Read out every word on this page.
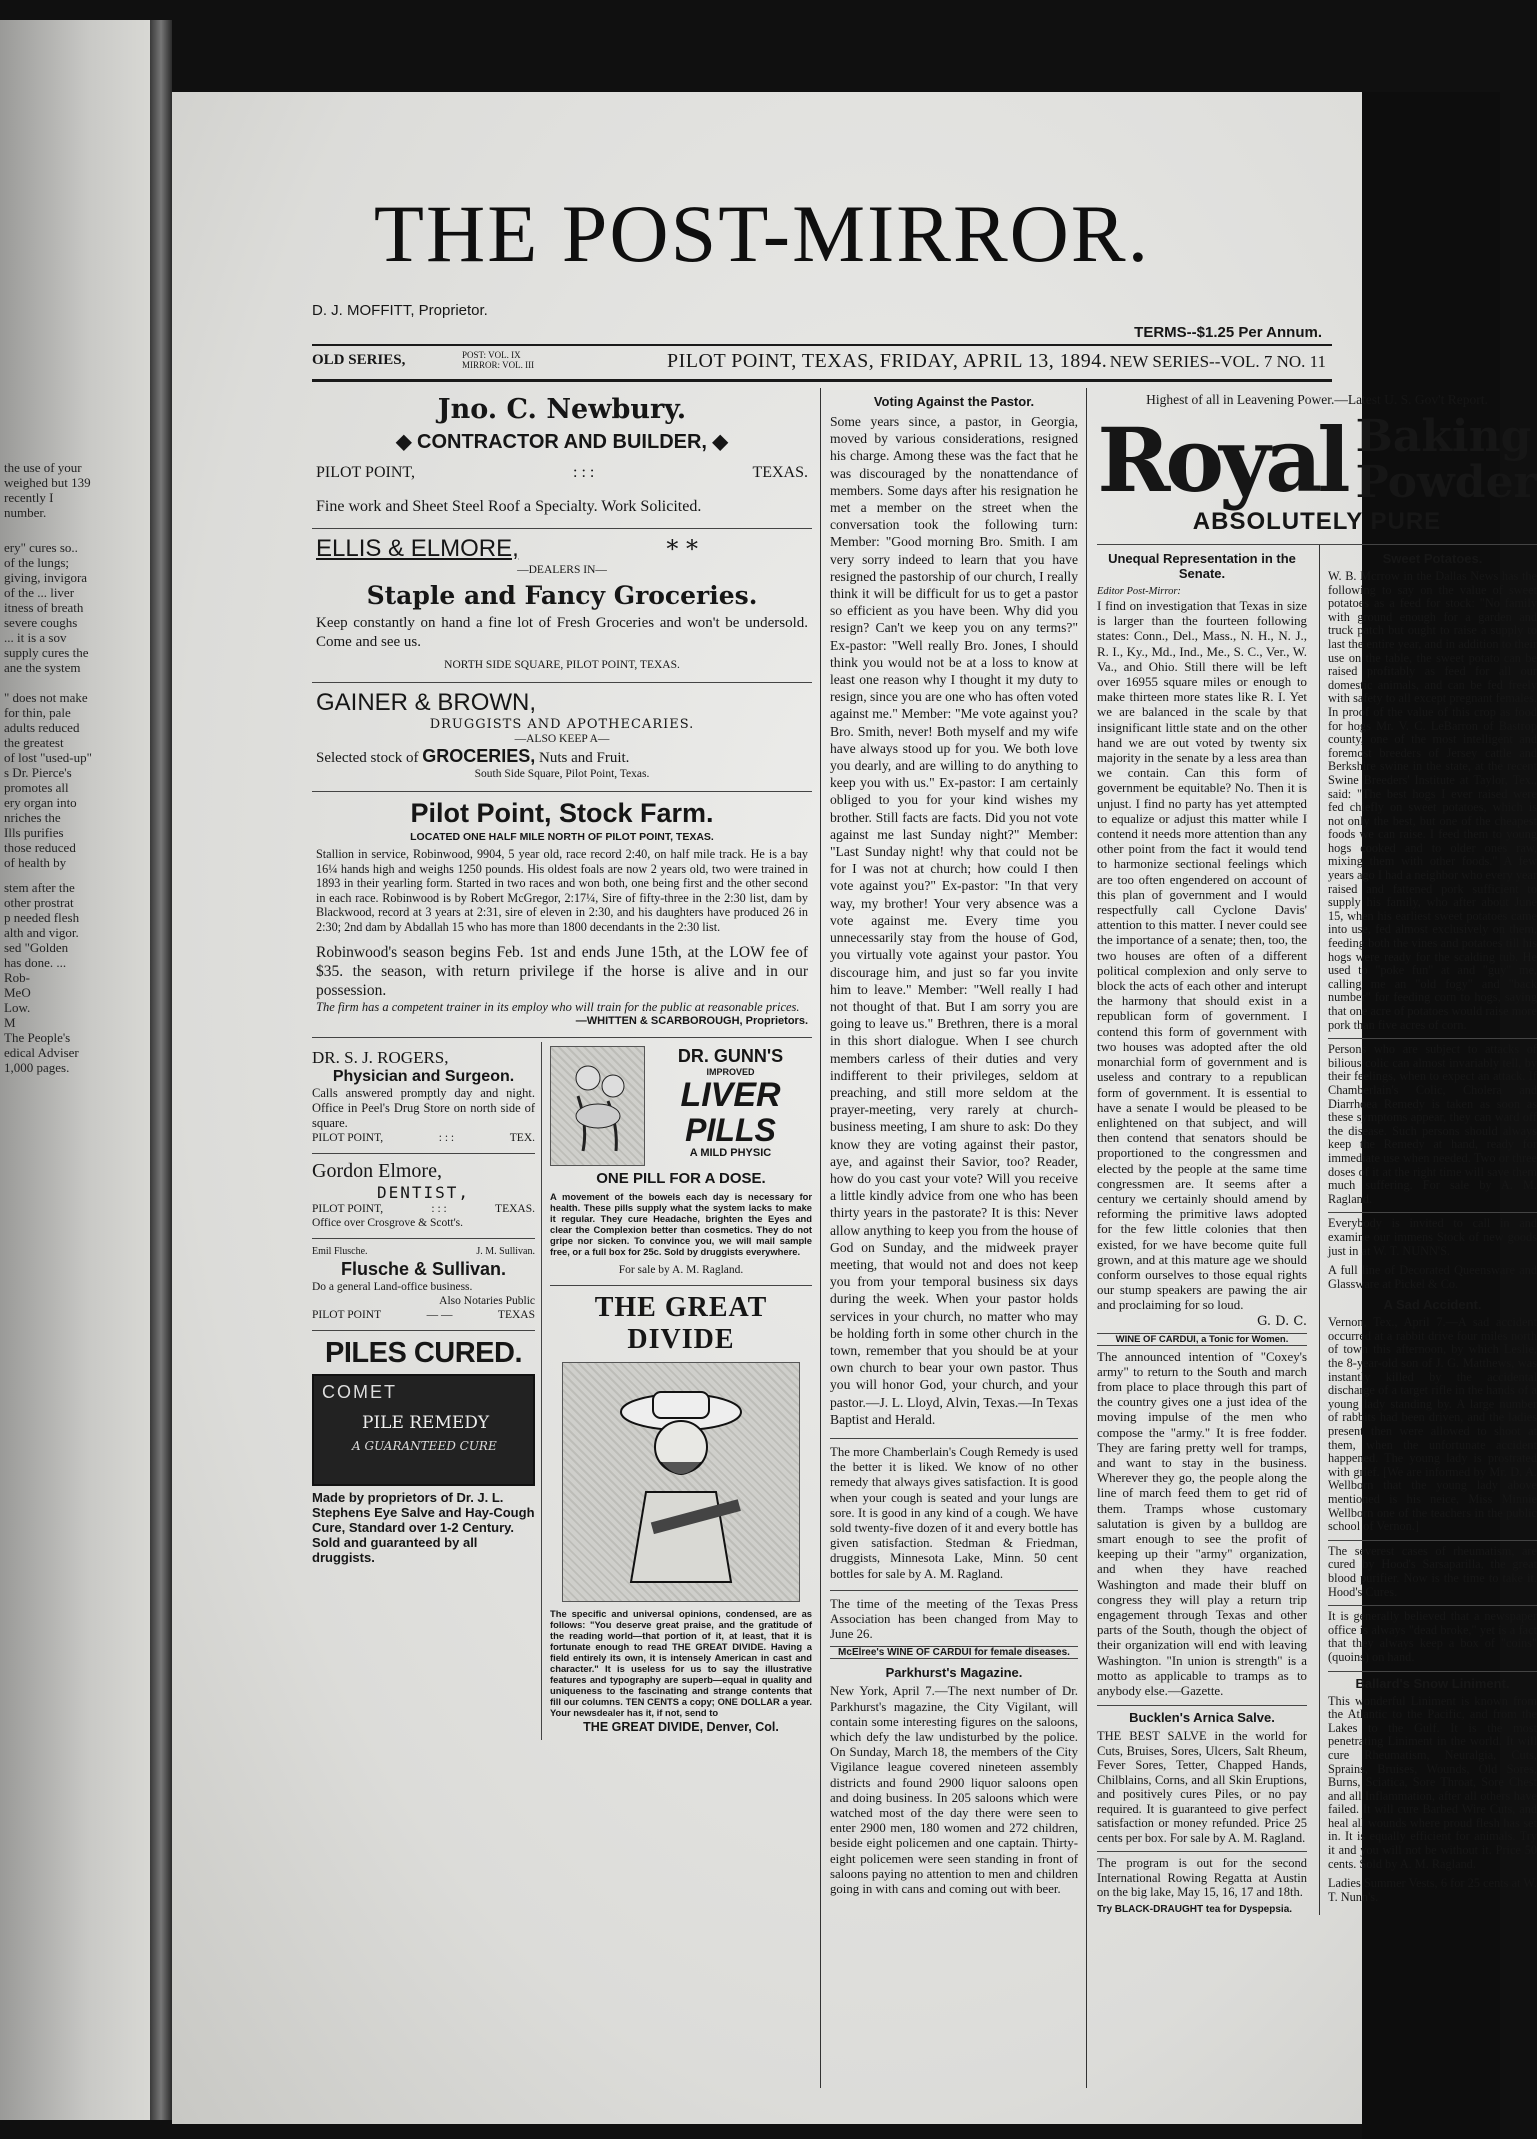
the use of your
weighed but 139
recently I
number.
ery" cures so..
of the lungs;
giving, invigora
of the ... liver
itness of breath
severe coughs
... it is a sov
supply cures the
ane the system
" does not make
for thin, pale
adults reduced
the greatest
of lost "used-up"
s Dr. Pierce's
promotes all
ery organ into
nriches the
Ills purifies
those reduced
of health by
stem after the
other prostrat
p needed flesh
alth and vigor.
sed "Golden
has done. ...
Rob-
MeO
Low.
M
The People's
edical Adviser
1,000 pages.
THE POST-MIRROR.
D. J. MOFFITT, Proprietor.
TERMS--$1.25 Per Annum.
OLD SERIES,	POST: VOL. IX
MIRROR: VOL. III	PILOT POINT, TEXAS, FRIDAY, APRIL 13, 1894. NEW SERIES--VOL. 7 NO. 11
Jno. C. Newbury.
◆ CONTRACTOR AND BUILDER, ◆
PILOT POINT,	: : :	TEXAS.
Fine work and Sheet Steel Roof a Specialty. Work Solicited.
ELLIS & ELMORE,	* *
—DEALERS IN—
Staple and Fancy Groceries.
Keep constantly on hand a fine lot of Fresh Groceries and won't be undersold. Come and see us.
NORTH SIDE SQUARE, PILOT POINT, TEXAS.
GAINER & BROWN,
DRUGGISTS AND APOTHECARIES.
—ALSO KEEP A—
Selected stock of GROCERIES, Nuts and Fruit.
South Side Square, Pilot Point, Texas.
Pilot Point, Stock Farm.
LOCATED ONE HALF MILE NORTH OF PILOT POINT, TEXAS.
Stallion in service, Robinwood, 9904, 5 year old, race record 2:40, on half mile track. He is a bay 16¼ hands high and weighs 1250 pounds. His oldest foals are now 2 years old, two were trained in 1893 in their yearling form. Started in two races and won both, one being first and the other second in each race. Robinwood is by Robert McGregor, 2:17¼, Sire of fifty-three in the 2:30 list, dam by Blackwood, record at 3 years at 2:31, sire of eleven in 2:30, and his daughters have produced 26 in 2:30; 2nd dam by Abdallah 15 who has more than 1800 decendants in the 2:30 list.
Robinwood's season begins Feb. 1st and ends June 15th, at the LOW fee of $35. the season, with return privilege if the horse is alive and in our possession.
The firm has a competent trainer in its employ who will train for the public at reasonable prices.
—WHITTEN & SCARBOROUGH, Proprietors.
DR. S. J. ROGERS,
Physician and Surgeon.
Calls answered promptly day and night. Office in Peel's Drug Store on north side of square.
PILOT POINT,	: : :	TEX.
Gordon Elmore,
DENTIST,
PILOT POINT,	: : :	TEXAS.
Office over Crosgrove & Scott's.
Emil Flusche.	J. M. Sullivan.
Flusche & Sullivan.
Do a general Land-office business.
Also Notaries Public
PILOT POINT	— —	TEXAS
PILES CURED.
COMET
PILE REMEDY
A GUARANTEED CURE
Made by proprietors of Dr. J. L. Stephens Eye Salve and Hay-Cough Cure, Standard over 1-2 Century. Sold and guaranteed by all druggists.
DR. GUNN'S
IMPROVED
LIVER
PILLS
A MILD PHYSIC
ONE PILL FOR A DOSE.
A movement of the bowels each day is necessary for health. These pills supply what the system lacks to make it regular. They cure Headache, brighten the Eyes and clear the Complexion better than cosmetics. They do not gripe nor sicken. To convince you, we will mail sample free, or a full box for 25c. Sold by druggists everywhere.
For sale by A. M. Ragland.
THE GREAT DIVIDE
The specific and universal opinions, condensed, are as follows: "You deserve great praise, and the gratitude of the reading world—that portion of it, at least, that it is fortunate enough to read THE GREAT DIVIDE. Having a field entirely its own, it is intensely American in cast and character." It is useless for us to say the illustrative features and typography are superb—equal in quality and uniqueness to the fascinating and strange contents that fill our columns. TEN CENTS a copy; ONE DOLLAR a year. Your newsdealer has it, if not, send to
THE GREAT DIVIDE, Denver, Col.
Voting Against the Pastor.
Some years since, a pastor, in Georgia, moved by various considerations, resigned his charge. Among these was the fact that he was discouraged by the nonattendance of members. Some days after his resignation he met a member on the street when the conversation took the following turn: Member: "Good morning Bro. Smith. I am very sorry indeed to learn that you have resigned the pastorship of our church, I really think it will be difficult for us to get a pastor so efficient as you have been. Why did you resign? Can't we keep you on any terms?" Ex-pastor: "Well really Bro. Jones, I should think you would not be at a loss to know at least one reason why I thought it my duty to resign, since you are one who has often voted against me." Member: "Me vote against you? Bro. Smith, never! Both myself and my wife have always stood up for you. We both love you dearly, and are willing to do anything to keep you with us." Ex-pastor: I am certainly obliged to you for your kind wishes my brother. Still facts are facts. Did you not vote against me last Sunday night?" Member: "Last Sunday night! why that could not be for I was not at church; how could I then vote against you?" Ex-pastor: "In that very way, my brother! Your very absence was a vote against me. Every time you unnecessarily stay from the house of God, you virtually vote against your pastor. You discourage him, and just so far you invite him to leave." Member: "Well really I had not thought of that. But I am sorry you are going to leave us." Brethren, there is a moral in this short dialogue. When I see church members carless of their duties and very indifferent to their privileges, seldom at preaching, and still more seldom at the prayer-meeting, very rarely at church-business meeting, I am shure to ask: Do they know they are voting against their pastor, aye, and against their Savior, too? Reader, how do you cast your vote? Will you receive a little kindly advice from one who has been thirty years in the pastorate? It is this: Never allow anything to keep you from the house of God on Sunday, and the midweek prayer meeting, that would not and does not keep you from your temporal business six days during the week. When your pastor holds services in your church, no matter who may be holding forth in some other church in the town, remember that you should be at your own church to bear your own pastor. Thus you will honor God, your church, and your pastor.—J. L. Lloyd, Alvin, Texas.—In Texas Baptist and Herald.
The more Chamberlain's Cough Remedy is used the better it is liked. We know of no other remedy that always gives satisfaction. It is good when your cough is seated and your lungs are sore. It is good in any kind of a cough. We have sold twenty-five dozen of it and every bottle has given satisfaction. Stedman & Friedman, druggists, Minnesota Lake, Minn. 50 cent bottles for sale by A. M. Ragland.
The time of the meeting of the Texas Press Association has been changed from May to June 26.
McElree's WINE OF CARDUI for female diseases.
Parkhurst's Magazine.
New York, April 7.—The next number of Dr. Parkhurst's magazine, the City Vigilant, will contain some interesting figures on the saloons, which defy the law undisturbed by the police. On Sunday, March 18, the members of the City Vigilance league covered nineteen assembly districts and found 2900 liquor saloons open and doing business. In 205 saloons which were watched most of the day there were seen to enter 2900 men, 180 women and 272 children, beside eight policemen and one captain. Thirty-eight policemen were seen standing in front of saloons paying no attention to men and children going in with cans and coming out with beer.
Highest of all in Leavening Power.—Latest U. S. Gov't Report.
Royal Baking
Powder
ABSOLUTELY PURE
Unequal Representation in the Senate.
Editor Post-Mirror:
I find on investigation that Texas in size is larger than the fourteen following states: Conn., Del., Mass., N. H., N. J., R. I., Ky., Md., Ind., Me., S. C., Ver., W. Va., and Ohio. Still there will be left over 16955 square miles or enough to make thirteen more states like R. I. Yet we are balanced in the scale by that insignificant little state and on the other hand we are out voted by twenty six majority in the senate by a less area than we contain. Can this form of government be equitable? No. Then it is unjust. I find no party has yet attempted to equalize or adjust this matter while I contend it needs more attention than any other point from the fact it would tend to harmonize sectional feelings which are too often engendered on account of this plan of government and I would respectfully call Cyclone Davis' attention to this matter. I never could see the importance of a senate; then, too, the two houses are often of a different political complexion and only serve to block the acts of each other and interupt the harmony that should exist in a republican form of government. I contend this form of government with two houses was adopted after the old monarchial form of government and is useless and contrary to a republican form of government. It is essential to have a senate I would be pleased to be enlightened on that subject, and will then contend that senators should be proportioned to the congressmen and elected by the people at the same time congressmen are. It seems after a century we certainly should amend by reforming the primitive laws adopted for the few little colonies that then existed, for we have become quite full grown, and at this mature age we should conform ourselves to those equal rights our stump speakers are pawing the air and proclaiming for so loud.
G. D. C.
WINE OF CARDUI, a Tonic for Women.
The announced intention of "Coxey's army" to return to the South and march from place to place through this part of the country gives one a just idea of the moving impulse of the men who compose the "army." It is free fodder. They are faring pretty well for tramps, and want to stay in the business. Wherever they go, the people along the line of march feed them to get rid of them. Tramps whose customary salutation is given by a bulldog are smart enough to see the profit of keeping up their "army" organization, and when they have reached Washington and made their bluff on congress they will play a return trip engagement through Texas and other parts of the South, though the object of their organization will end with leaving Washington. "In union is strength" is a motto as applicable to tramps as to anybody else.—Gazette.
Bucklen's Arnica Salve.
THE BEST SALVE in the world for Cuts, Bruises, Sores, Ulcers, Salt Rheum, Fever Sores, Tetter, Chapped Hands, Chilblains, Corns, and all Skin Eruptions, and positively cures Piles, or no pay required. It is guaranteed to give perfect satisfaction or money refunded. Price 25 cents per box. For sale by A. M. Ragland.
The program is out for the second International Rowing Regatta at Austin on the big lake, May 15, 16, 17 and 18th.
Try BLACK-DRAUGHT tea for Dyspepsia.
Sweet Potatoes.
W. B. Mcrrow in the Dallas News has the following to say on the value of sweet potatoes as a feed for stock: "No family with ground enough for a garden and truck patch but ought to raise a supply to last the entire year, and in addition to their use on the table, the sweet potato can be raised profitably as feed for all our domestic animals, and can be fed freely with safety to all except pregnant females. In proof of the value of this crop as food for hogs Mr. V. C. LeBarron of Bastrop county, one of the most intelligent and foremost breeders of Jersey cattle and Berkshire swine in the state, at the recent Swine Breeders' Institute at Taylor, Tex., said: "The best hogs I ever raised were fed chiefly on sweet potatoes, which is not only the best, but one of the cheapest foods we can raise. I feed them to young hogs cooked and to older ones raw, mixing them with other foods." A few years ago I had a neighbor who every year raised and fattened pork sufficient to supply his family, who after about June 15, when his earliest sweet potatoes came into use, fed almost exclusively on them, feeding both the vines and potatoes till his hogs were ready for the scalding tub. He used to "poke fun" at and "guy" me, calling me an "old fogy" and "back number" for feeding corn to hogs, saying that one acre of potatoes would raise more pork than five acres of corn.
Persons who are subject to attacks of bilious colic can almost invariably tell, by their feelings, when to expect an attack. If Chamberlain's Colic, Cholera and Diarrhoea Remedy is taken as soon as these symptoms appear, they can ward off the disease. Such persons should always keep the Remedy at hand, ready for immediate use when needed. Two or three doses of it at the right time will save them much suffering. For sale by A. M. Ragland.
Everybody is invited to call in and examine our immens Stock of new goods just in at W. T. NUNN'S.
A full line of Decorated Queensware and Glassware at Pickel & Co.
A Sad Accident.
Vernon, Tex., April 7.—A sad accident occurred at a rabbit drive four miles north of town this afternoon, by which Leslie, the 8-year-old son of J. G. Matthews, was instantly killed by the accidental discharge of a target rifle in the hands of a young lady standing by. A large number of rabbits had been driven, and the ladies present then were allowed to shoot at them, when the unfortunate accident happened. The young lady is prostrated with grief. [We are informed by Mr. D. A. Wellborn that the young lady above mentioned is his neice, Miss Minnie Wellborn one of the teachers in the public school of Vernon.]
The severest cases of rheumatism, are cured by Hood's Sarsaparilla, the great blood purifier. Now is the time to take it. Hood's Cures.
It is generally believed that a newspaper office is always "dead broke," yet is a fact that they always keep a box of "coins" (quoins) on hand.
Ballard's Snow Liniment.
This wonderful Liniment is known from the Atlantic to the Pacific, and from the Lakes to the Gulf. It is the most penetrating Liniment in the world. It will cure Rheumatism, Neuralgia, Cuts, Sprains, Bruises, Wounds, Old Sores, Burns, Sciatica, Sore Throat, Sore Chest and all Inflammation, after all others have failed. It will cure Barbed Wire Cuts, and heal all wounds where proud flesh has set in. It is equally efficient for animals. Try it and you will not be without it. Price 50 cents. Sold by A. M. Ragland.
Ladies Summer Vests, 6 for 25 cents at W. T. Nunn's.
